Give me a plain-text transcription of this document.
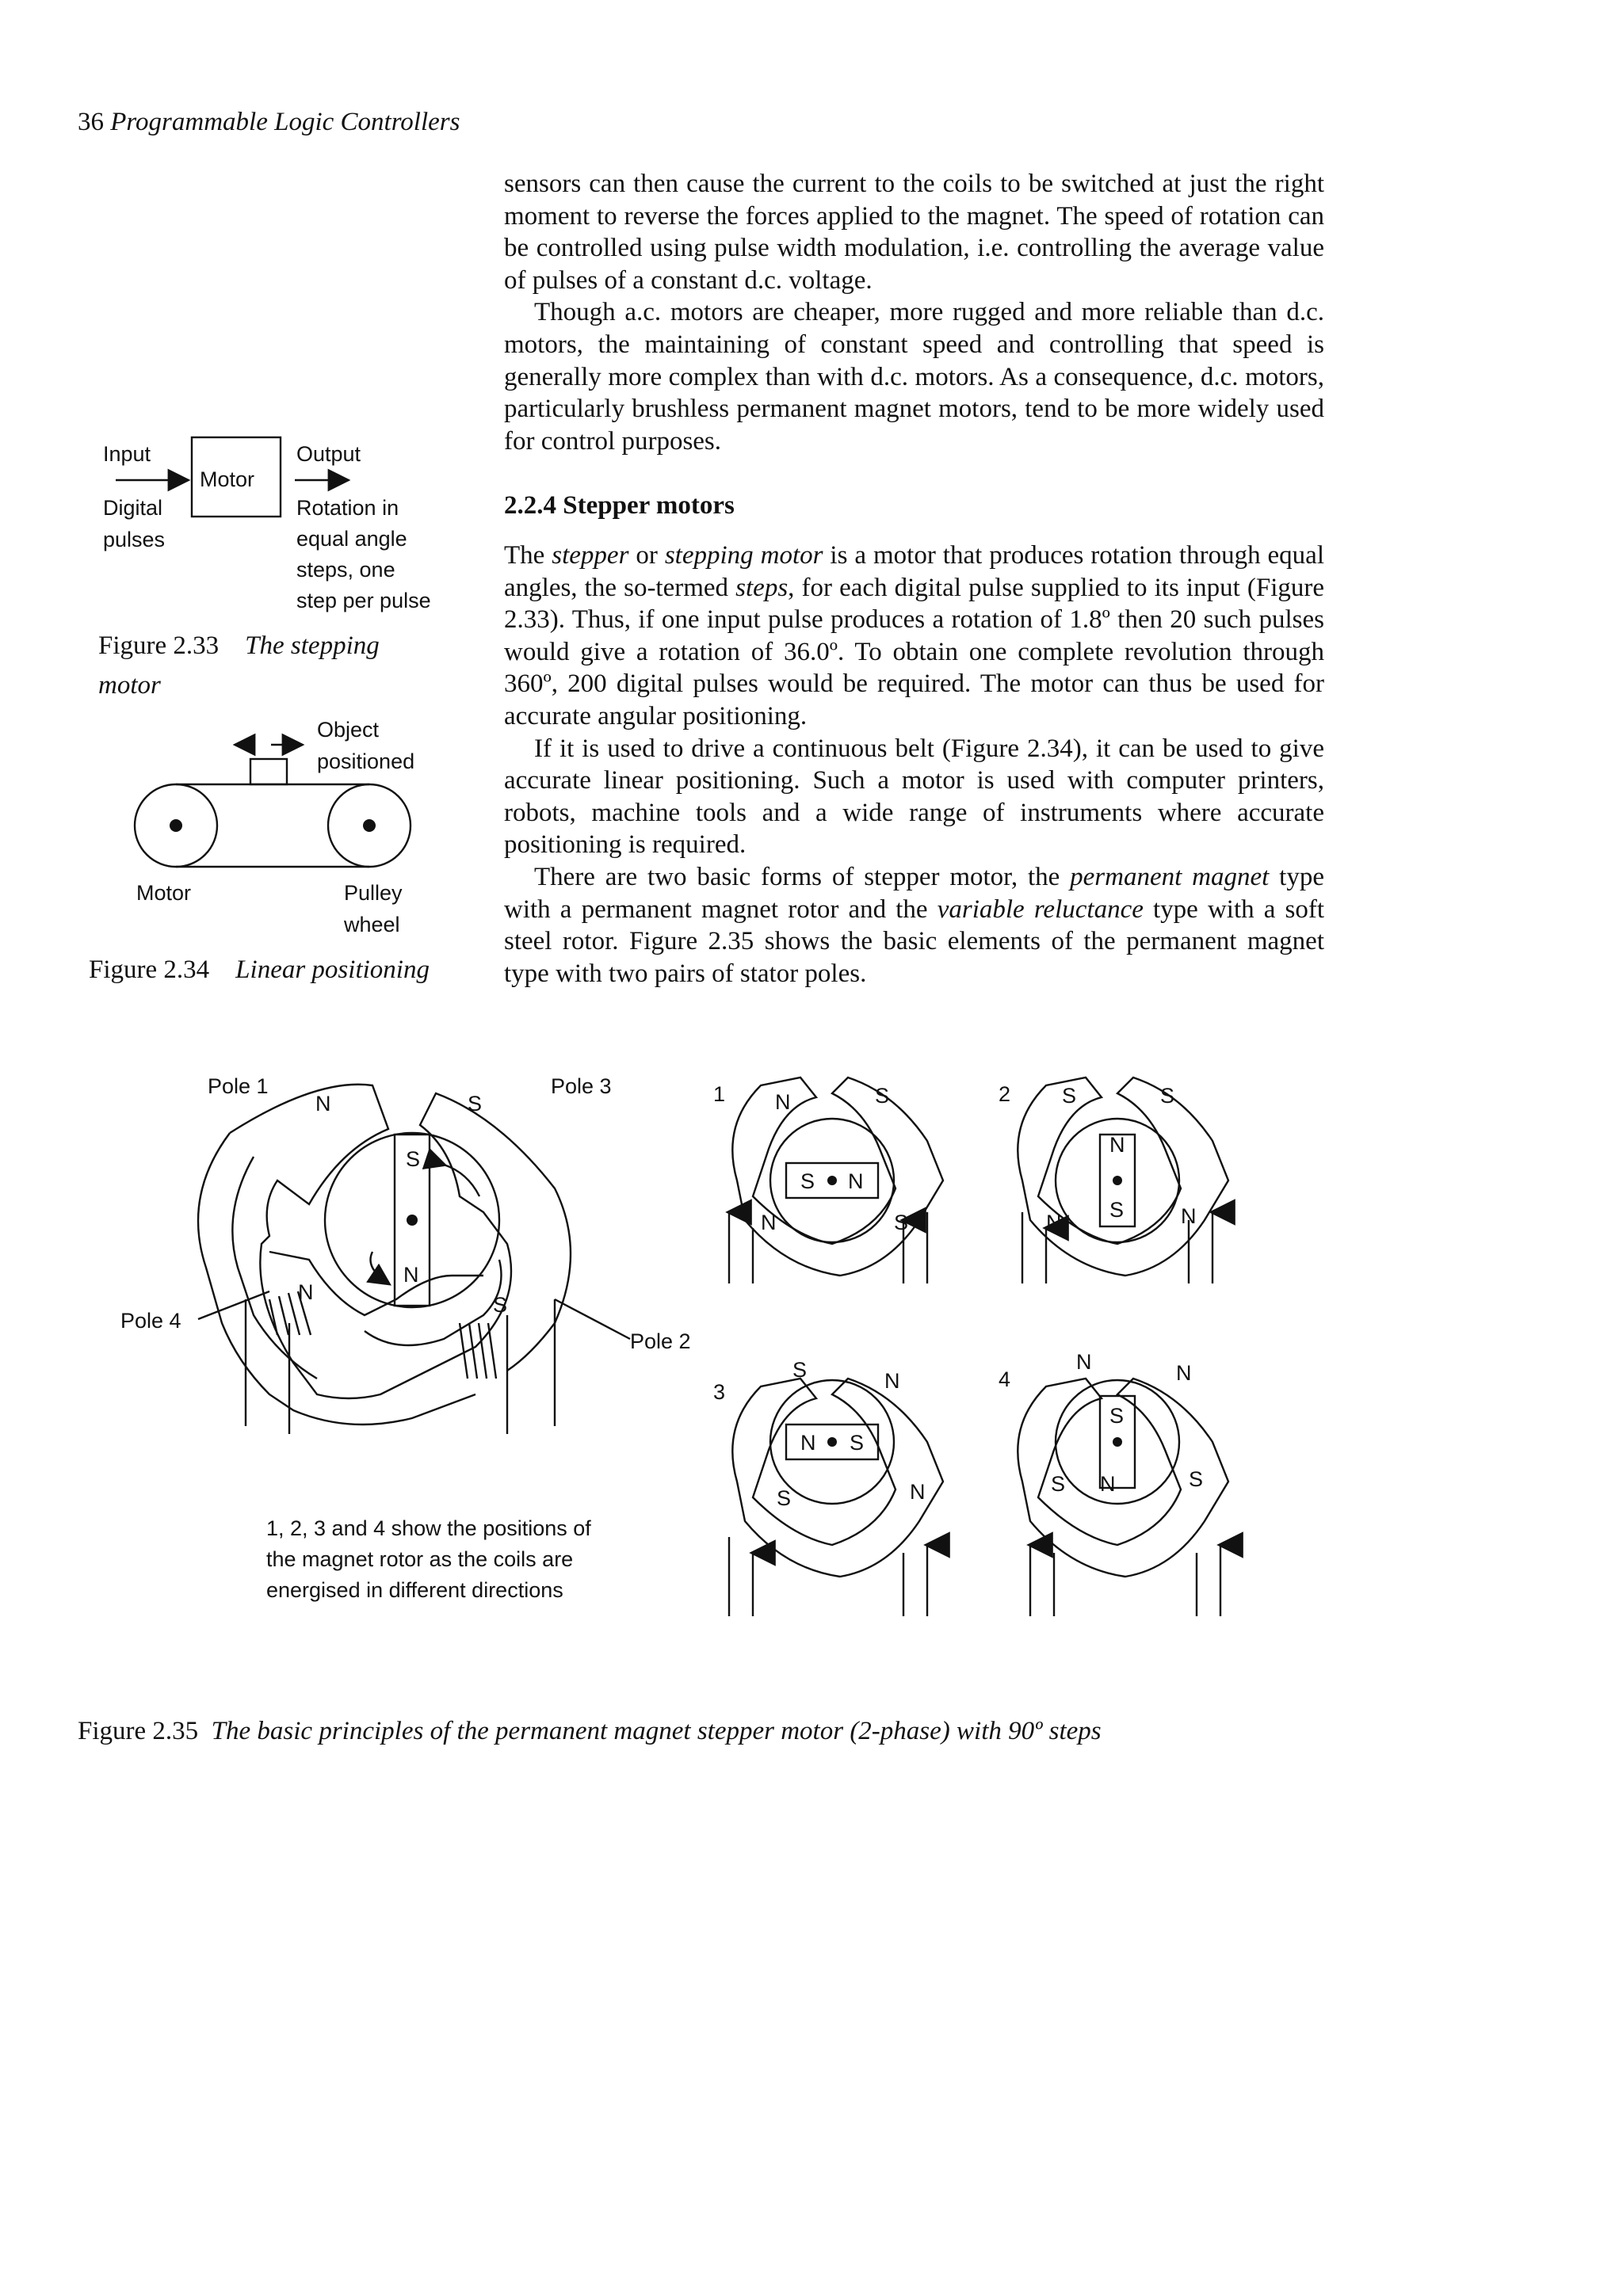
36 Programmable Logic Controllers

sensors can then cause the current to the coils to be switched at just the right moment to reverse the forces applied to the magnet. The speed of rotation can be controlled using pulse width modulation, i.e. controlling the average value of pulses of a constant d.c. voltage.

Though a.c. motors are cheaper, more rugged and more reliable than d.c. motors, the maintaining of constant speed and controlling that speed is generally more complex than with d.c. motors. As a consequence, d.c. motors, particularly brushless permanent magnet motors, tend to be more widely used for control purposes.

2.2.4 Stepper motors

The stepper or stepping motor is a motor that produces rotation through equal angles, the so-termed steps, for each digital pulse supplied to its input (Figure 2.33). Thus, if one input pulse produces a rotation of 1.8º then 20 such pulses would give a rotation of 36.0º. To obtain one complete revolution through 360º, 200 digital pulses would be required. The motor can thus be used for accurate angular positioning.

If it is used to drive a continuous belt (Figure 2.34), it can be used to give accurate linear positioning. Such a motor is used with computer printers, robots, machine tools and a wide range of instruments where accurate positioning is required.

There are two basic forms of stepper motor, the permanent magnet type with a permanent magnet rotor and the variable reluctance type with a soft steel rotor. Figure 2.35 shows the basic elements of the permanent magnet type with two pairs of stator poles.

Input
Motor
Output
Digital
pulses
Rotation in
equal angle
steps, one
step per pulse
Figure 2.33 The stepping
motor
Object
positioned
Motor	Pulley
wheel
Figure 2.34 Linear positioning
Pole 1	Pole 3
Pole 4
Pole 2
N	S
S
N
N
S
1 N	S
S N
N	S
2 S	S
N
S
N	N
3
S	N
N S
S	N
4
N	N
S
N
S	S
1, 2, 3 and 4 show the positions of
the magnet rotor as the coils are
energised in different directions
Figure 2.35 The basic principles of the permanent magnet stepper motor (2-phase) with 90º steps
